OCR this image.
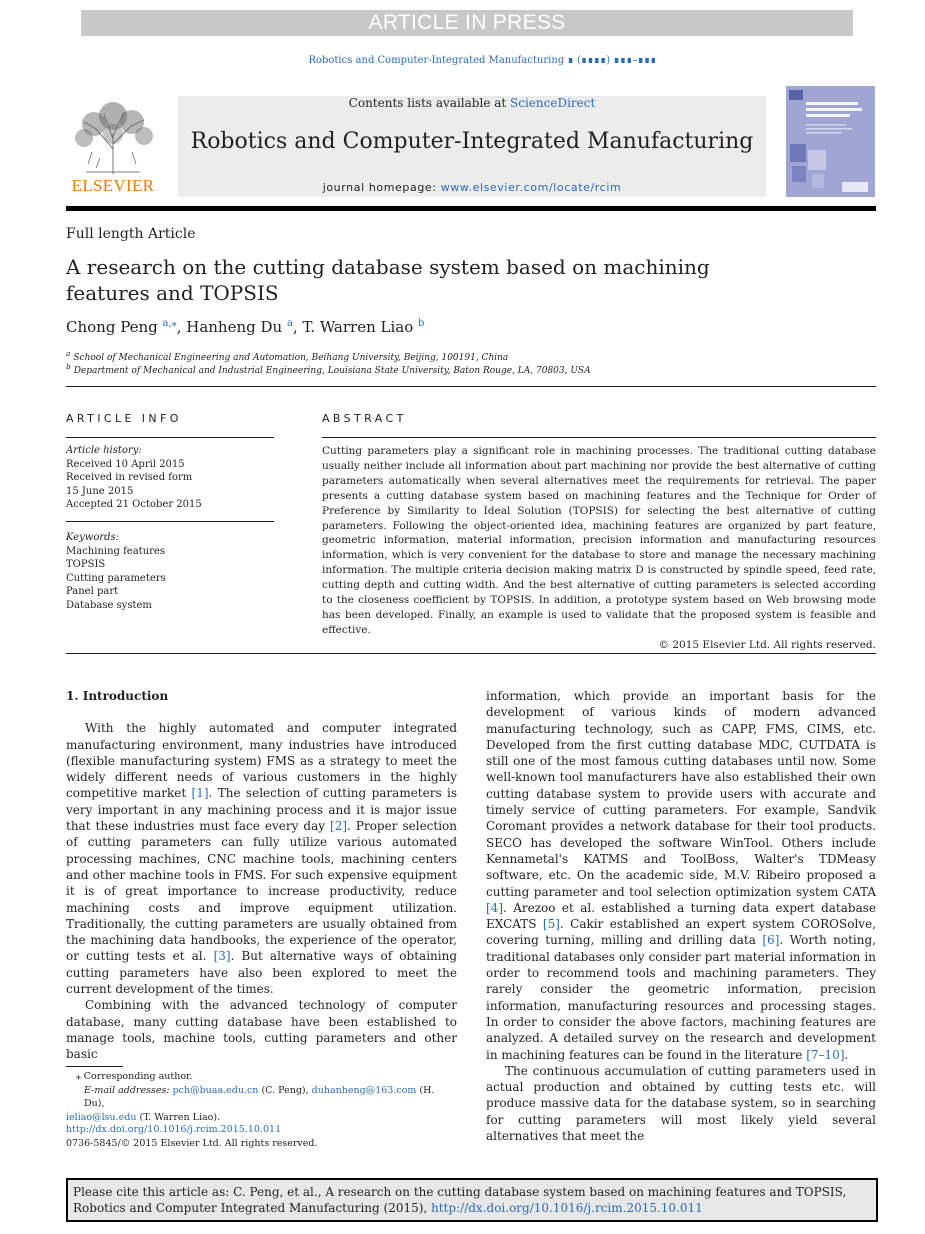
ARTICLE IN PRESS
Robotics and Computer-Integrated Manufacturing ∎ (∎∎∎∎) ∎∎∎–∎∎∎
ELSEVIER
Contents lists available at ScienceDirect
Robotics and Computer-Integrated Manufacturing
journal homepage: www.elsevier.com/locate/rcim
Full length Article
A research on the cutting database system based on machining features and TOPSIS
Chong Peng $^{a,⁎}$, Hanheng Du $^a$, T. Warren Liao $^b$
$^a$ School of Mechanical Engineering and Automation, Beihang University, Beijing, 100191, China
$^b$ Department of Mechanical and Industrial Engineering, Louisiana State University, Baton Rouge, LA, 70803, USA
ARTICLE INFO
Article history:
Received 10 April 2015
Received in revised form
15 June 2015
Accepted 21 October 2015
Keywords:
Machining features
TOPSIS
Cutting parameters
Panel part
Database system
ABSTRACT
Cutting parameters play a significant role in machining processes. The traditional cutting database usually neither include all information about part machining nor provide the best alternative of cutting parameters automatically when several alternatives meet the requirements for retrieval. The paper presents a cutting database system based on machining features and the Technique for Order of Preference by Similarity to Ideal Solution (TOPSIS) for selecting the best alternative of cutting parameters. Following the object-oriented idea, machining features are organized by part feature, geometric information, material information, precision information and manufacturing resources information, which is very convenient for the database to store and manage the necessary machining information. The multiple criteria decision making matrix D is constructed by spindle speed, feed rate, cutting depth and cutting width. And the best alternative of cutting parameters is selected according to the closeness coefficient by TOPSIS. In addition, a prototype system based on Web browsing mode has been developed. Finally, an example is used to validate that the proposed system is feasible and effective.
© 2015 Elsevier Ltd. All rights reserved.
1. Introduction

With the highly automated and computer integrated manufacturing environment, many industries have introduced (flexible manufacturing system) FMS as a strategy to meet the widely different needs of various customers in the highly competitive market [1]. The selection of cutting parameters is very important in any machining process and it is major issue that these industries must face every day [2]. Proper selection of cutting parameters can fully utilize various automated processing machines, CNC machine tools, machining centers and other machine tools in FMS. For such expensive equipment it is of great importance to increase productivity, reduce machining costs and improve equipment utilization. Traditionally, the cutting parameters are usually obtained from the machining data handbooks, the experience of the operator, or cutting tests et al. [3]. But alternative ways of obtaining cutting parameters have also been explored to meet the current development of the times.

Combining with the advanced technology of computer database, many cutting database have been established to manage tools, machine tools, cutting parameters and other basic

information, which provide an important basis for the development of various kinds of modern advanced manufacturing technology, such as CAPP, FMS, CIMS, etc. Developed from the first cutting database MDC, CUTDATA is still one of the most famous cutting databases until now. Some well-known tool manufacturers have also established their own cutting database system to provide users with accurate and timely service of cutting parameters. For example, Sandvik Coromant provides a network database for their tool products. SECO has developed the software WinTool. Others include Kennametal's KATMS and ToolBoss, Walter's TDMeasy software, etc. On the academic side, M.V. Ribeiro proposed a cutting parameter and tool selection optimization system CATA [4]. Arezoo et al. established a turning data expert database EXCATS [5]. Cakir established an expert system COROSolve, covering turning, milling and drilling data [6]. Worth noting, traditional databases only consider part material information in order to recommend tools and machining parameters. They rarely consider the geometric information, precision information, manufacturing resources and processing stages. In order to consider the above factors, machining features are analyzed. A detailed survey on the research and development in machining features can be found in the literature [7–10].

The continuous accumulation of cutting parameters used in actual production and obtained by cutting tests etc. will produce massive data for the database system, so in searching for cutting parameters will most likely yield several alternatives that meet the

⁎ Corresponding author.
E-mail addresses: pch@buaa.edu.cn (C. Peng), duhanheng@163.com (H. Du),
ieliao@lsu.edu (T. Warren Liao).
http://dx.doi.org/10.1016/j.rcim.2015.10.011
0736-5845/© 2015 Elsevier Ltd. All rights reserved.
Please cite this article as: C. Peng, et al., A research on the cutting database system based on machining features and TOPSIS, Robotics and Computer Integrated Manufacturing (2015), http://dx.doi.org/10.1016/j.rcim.2015.10.011
